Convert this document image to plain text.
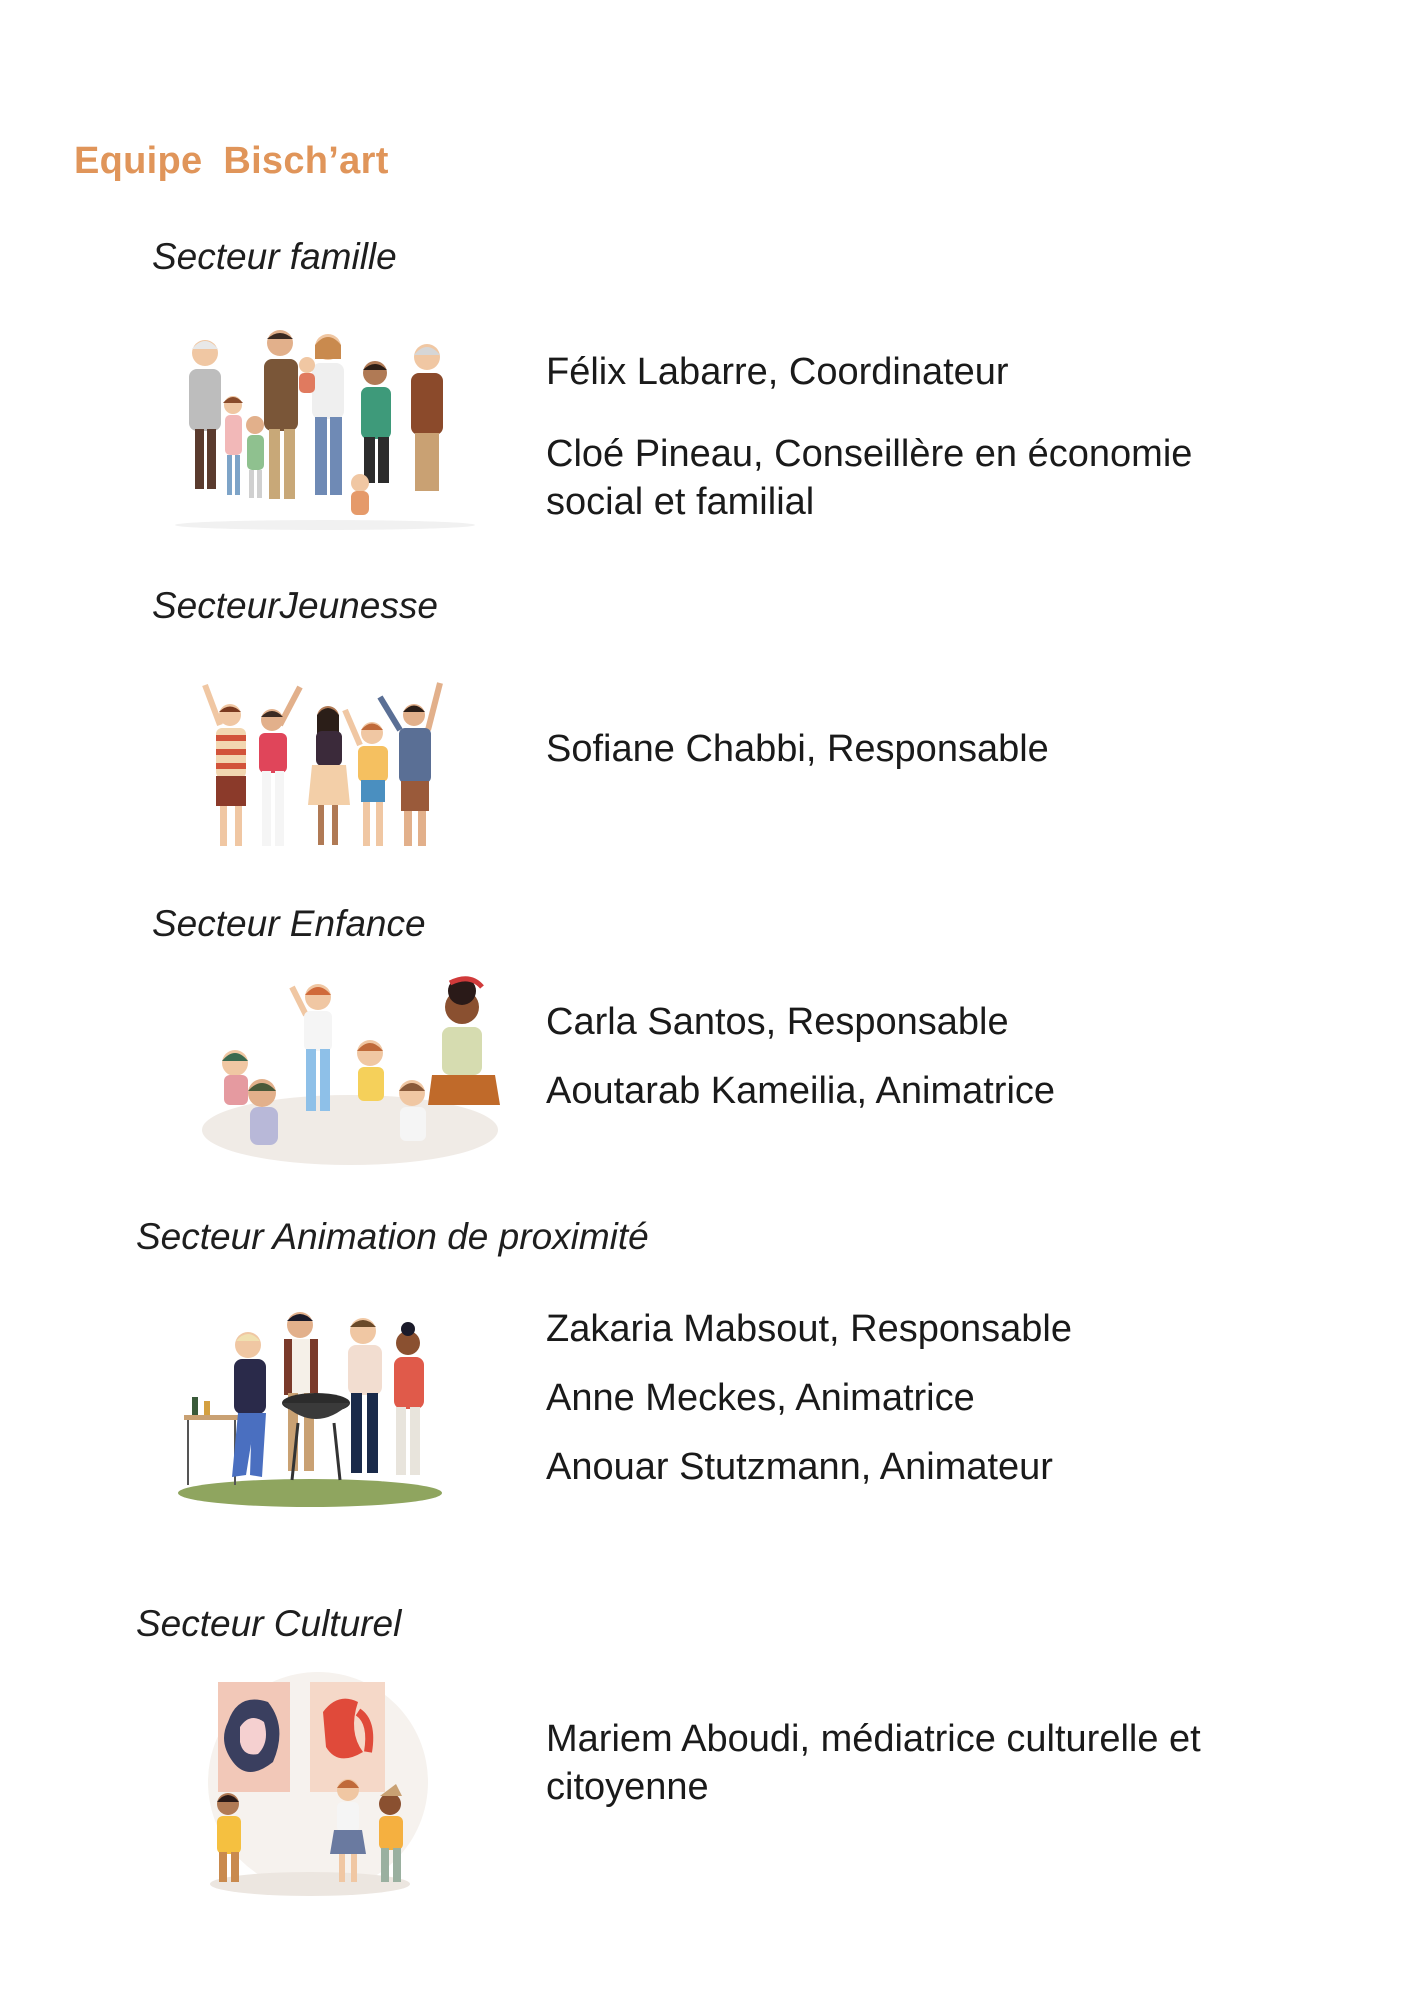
Equipe Bisch’art
Secteur famille
Félix Labarre, Coordinateur
Cloé Pineau, Conseillère en économie social et familial
SecteurJeunesse
Sofiane Chabbi, Responsable
Secteur Enfance
Carla Santos, Responsable
Aoutarab Kameilia, Animatrice
Secteur Animation de proximité
Zakaria Mabsout, Responsable
Anne Meckes, Animatrice
Anouar Stutzmann, Animateur
Secteur Culturel
Mariem Aboudi, médiatrice culturelle et citoyenne
